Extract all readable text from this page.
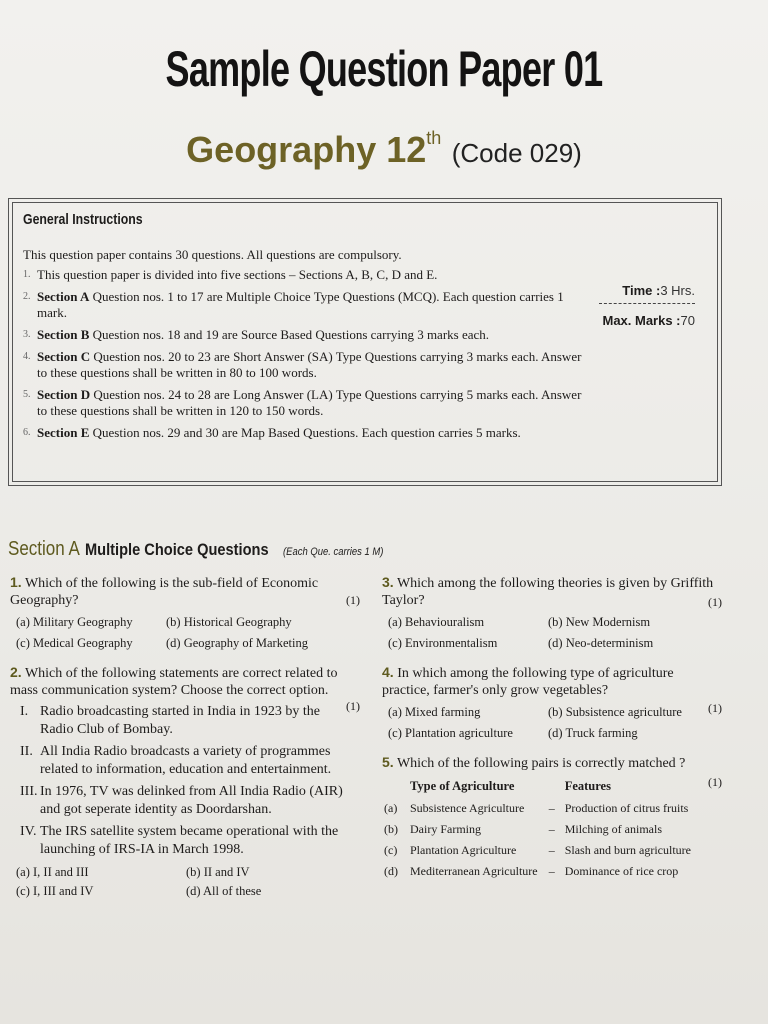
Sample Question Paper 01
Geography 12th (Code 029)
General Instructions
This question paper contains 30 questions. All questions are compulsory.
1. This question paper is divided into five sections – Sections A, B, C, D and E.
2. Section A Question nos. 1 to 17 are Multiple Choice Type Questions (MCQ). Each question carries 1 mark.
3. Section B Question nos. 18 and 19 are Source Based Questions carrying 3 marks each.
4. Section C Question nos. 20 to 23 are Short Answer (SA) Type Questions carrying 3 marks each. Answer to these questions shall be written in 80 to 100 words.
5. Section D Question nos. 24 to 28 are Long Answer (LA) Type Questions carrying 5 marks each. Answer to these questions shall be written in 120 to 150 words.
6. Section E Question nos. 29 and 30 are Map Based Questions. Each question carries 5 marks.
Time :3 Hrs.
Max. Marks :70
Section A Multiple Choice Questions (Each Que. carries 1 M)
1. Which of the following is the sub-field of Economic Geography?	(1)
(a) Military Geography	(b) Historical Geography
(c) Medical Geography	(d) Geography of Marketing
2. Which of the following statements are correct related to mass communication system? Choose the correct option.
(1)
I. Radio broadcasting started in India in 1923 by the Radio Club of Bombay.
II. All India Radio broadcasts a variety of programmes related to information, education and entertainment.
III. In 1976, TV was delinked from All India Radio (AIR) and got seperate identity as Doordarshan.
IV. The IRS satellite system became operational with the launching of IRS-IA in March 1998.
(a) I, II and III	(b) II and IV
(c) I, III and IV	(d) All of these
3. Which among the following theories is given by Griffith Taylor?	(1)
(a) Behaviouralism	(b) New Modernism
(c) Environmentalism	(d) Neo-determinism
4. In which among the following type of agriculture practice, farmer's only grow vegetables?
(1)
(a) Mixed farming	(b) Subsistence agriculture
(c) Plantation agriculture	(d) Truck farming
5. Which of the following pairs is correctly matched ?
(1)
	Type of Agriculture		Features
(a)	Subsistence Agriculture	–	Production of citrus fruits
(b)	Dairy Farming	–	Milching of animals
(c)	Plantation Agriculture	–	Slash and burn agriculture
(d)	Mediterranean Agriculture	–	Dominance of rice crop
